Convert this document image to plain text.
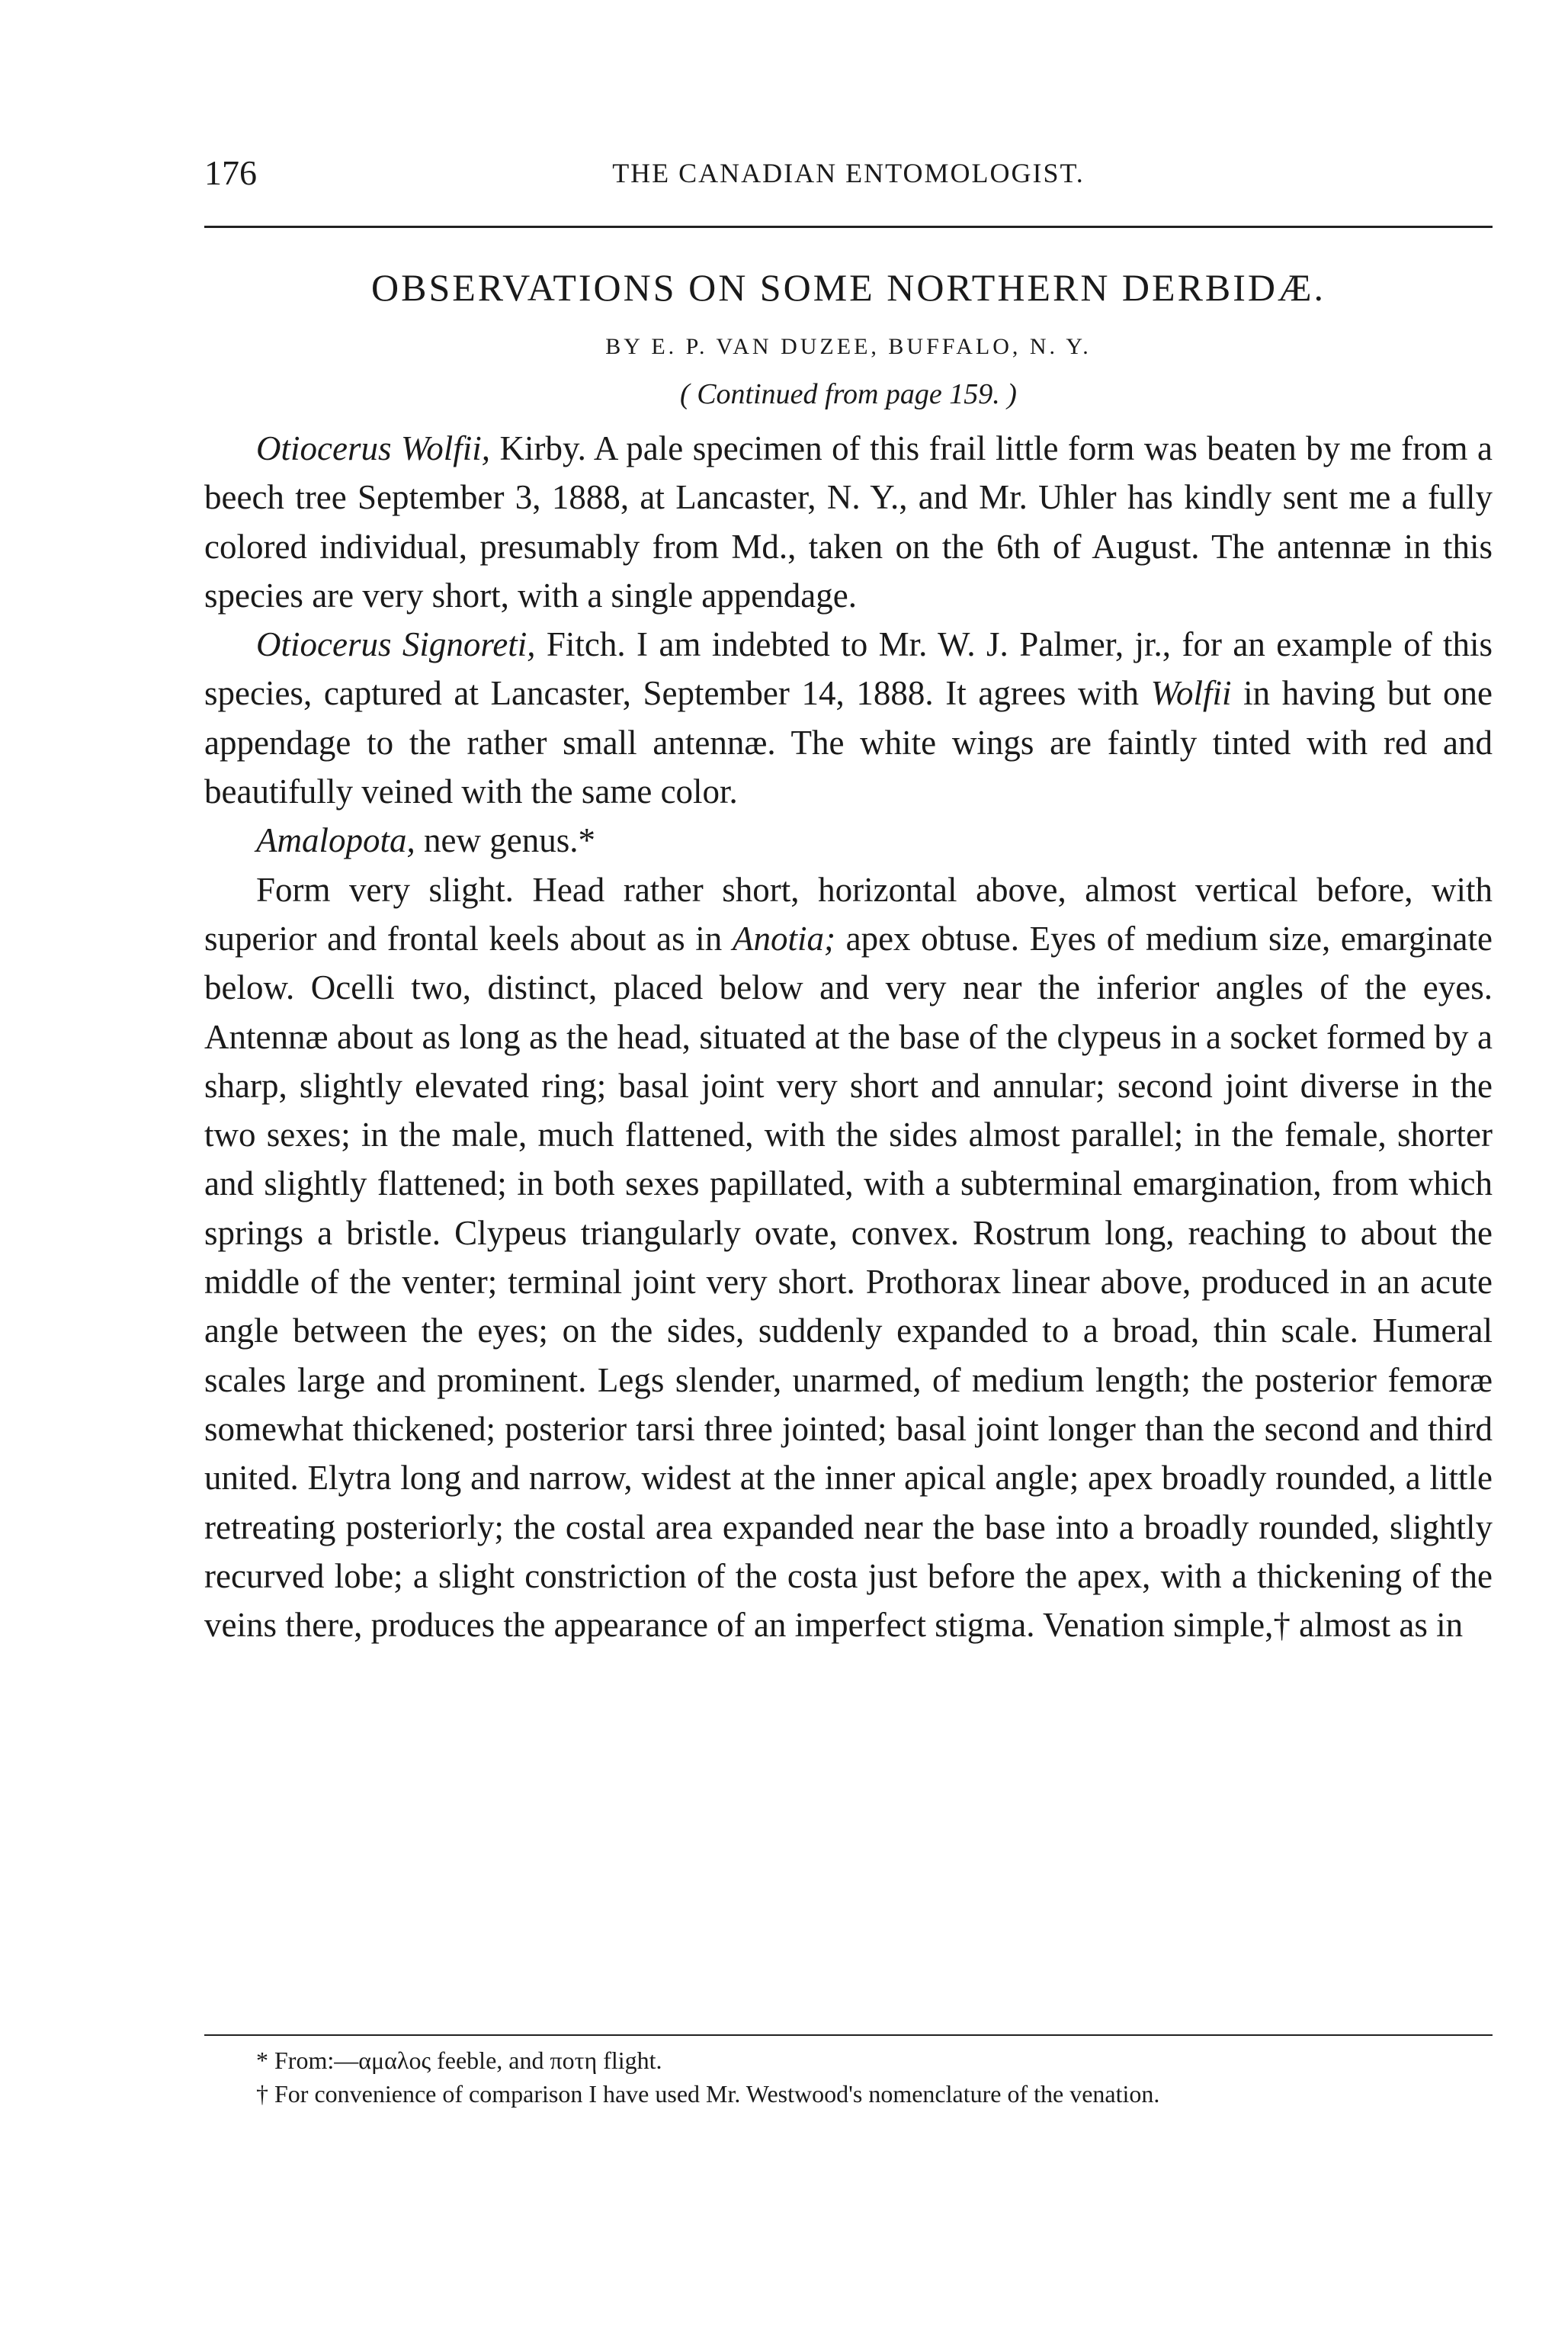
176	THE CANADIAN ENTOMOLOGIST.
OBSERVATIONS ON SOME NORTHERN DERBIDÆ.
BY E. P. VAN DUZEE, BUFFALO, N. Y.
( Continued from page 159. )

Otiocerus Wolfii, Kirby. A pale specimen of this frail little form was beaten by me from a beech tree September 3, 1888, at Lancaster, N. Y., and Mr. Uhler has kindly sent me a fully colored individual, presumably from Md., taken on the 6th of August. The antennæ in this species are very short, with a single appendage.

Otiocerus Signoreti, Fitch. I am indebted to Mr. W. J. Palmer, jr., for an example of this species, captured at Lancaster, September 14, 1888. It agrees with Wolfii in having but one appendage to the rather small antennæ. The white wings are faintly tinted with red and beautifully veined with the same color.

Amalopota, new genus.*

Form very slight. Head rather short, horizontal above, almost vertical before, with superior and frontal keels about as in Anotia; apex obtuse. Eyes of medium size, emarginate below. Ocelli two, distinct, placed below and very near the inferior angles of the eyes. Antennæ about as long as the head, situated at the base of the clypeus in a socket formed by a sharp, slightly elevated ring; basal joint very short and annular; second joint diverse in the two sexes; in the male, much flattened, with the sides almost parallel; in the female, shorter and slightly flattened; in both sexes papillated, with a subterminal emargination, from which springs a bristle. Clypeus triangularly ovate, convex. Rostrum long, reaching to about the middle of the venter; terminal joint very short. Prothorax linear above, produced in an acute angle between the eyes; on the sides, suddenly expanded to a broad, thin scale. Humeral scales large and prominent. Legs slender, unarmed, of medium length; the posterior femoræ somewhat thickened; posterior tarsi three jointed; basal joint longer than the second and third united. Elytra long and narrow, widest at the inner apical angle; apex broadly rounded, a little retreating posteriorly; the costal area expanded near the base into a broadly rounded, slightly recurved lobe; a slight constriction of the costa just before the apex, with a thickening of the veins there, produces the appearance of an imperfect stigma. Venation simple,† almost as in

* From:—αμαλος feeble, and ποτη flight.

† For convenience of comparison I have used Mr. Westwood's nomenclature of the venation.
